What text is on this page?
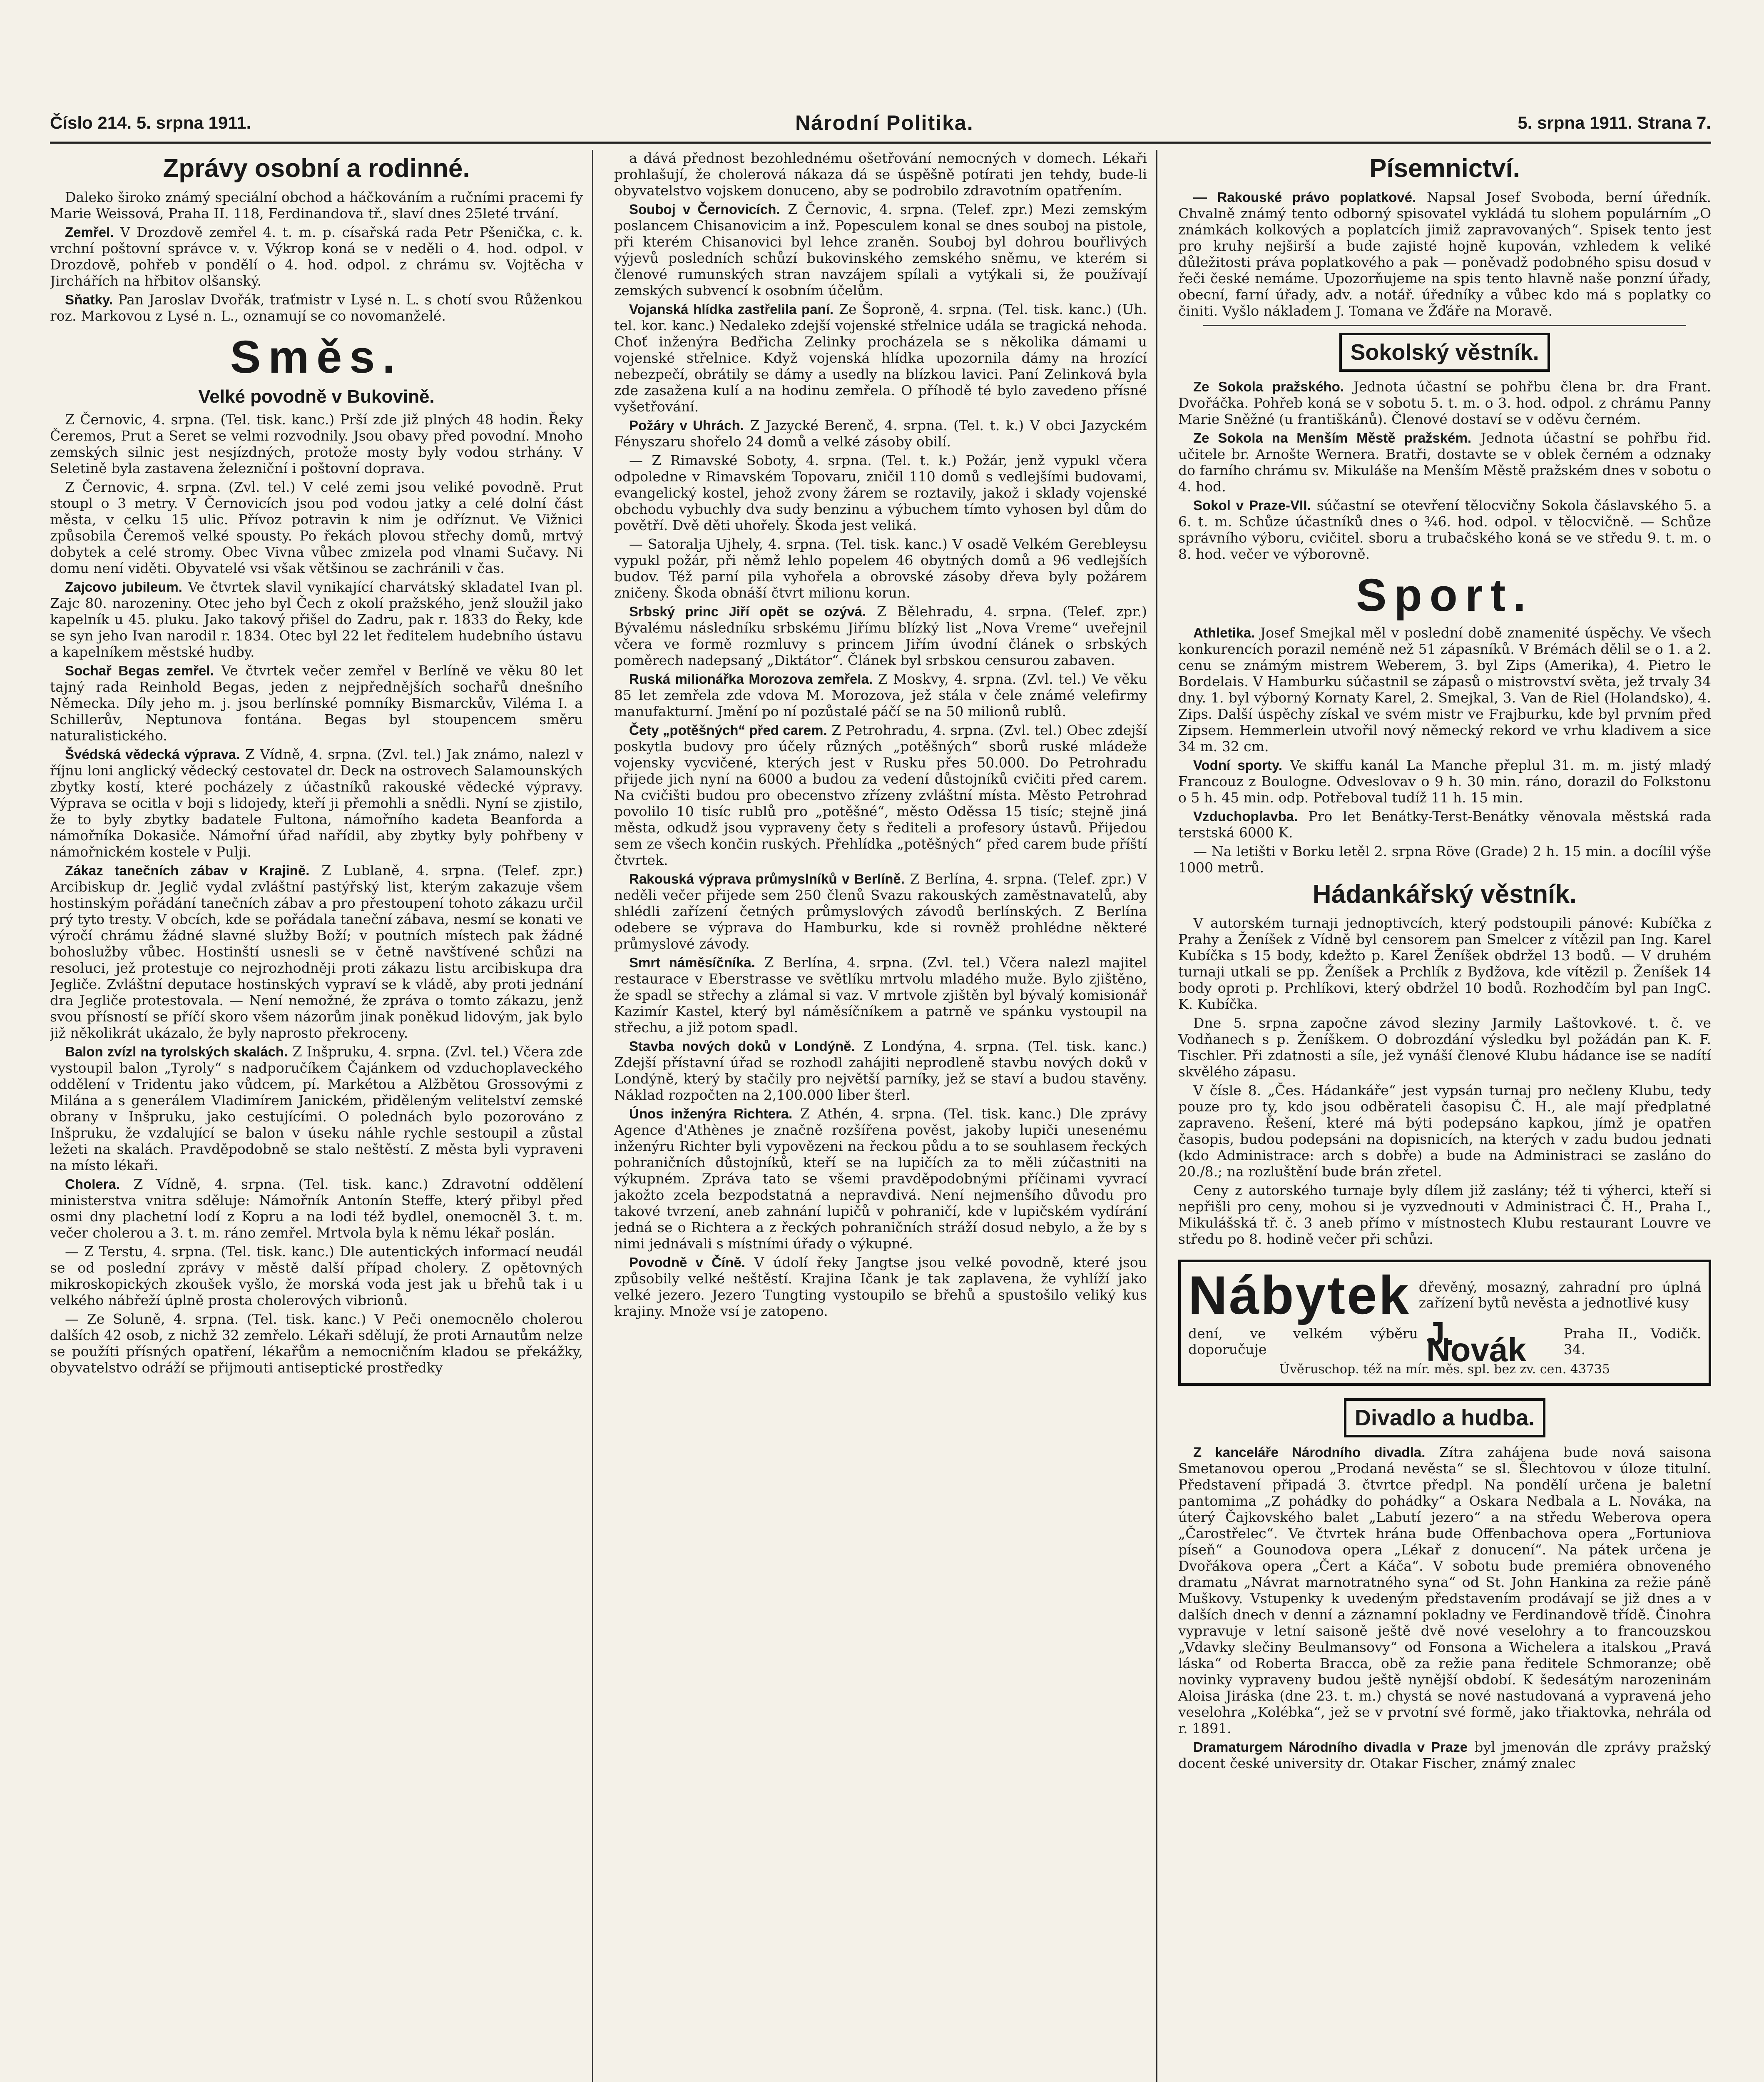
Číslo 214. 5. srpna 1911.	Národní Politika.	5. srpna 1911. Strana 7.
Zprávy osobní a rodinné.

Daleko široko známý speciální obchod a háčkováním a ručními pracemi fy Marie Weissová, Praha II. 118, Ferdinandova tř., slaví dnes 25leté trvání.

Zemřel. V Drozdově zemřel 4. t. m. p. císařská rada Petr Pšenička, c. k. vrchní poštovní správce v. v. Výkrop koná se v neděli o 4. hod. odpol. v Drozdově, pohřeb v pondělí o 4. hod. odpol. z chrámu sv. Vojtěcha v Jirchářích na hřbitov olšanský.

Sňatky. Pan Jaroslav Dvořák, traťmistr v Lysé n. L. s chotí svou Růženkou roz. Markovou z Lysé n. L., oznamují se co novomanželé.

Směs.
Velké povodně v Bukovině.

Z Černovic, 4. srpna. (Tel. tisk. kanc.) Prší zde již plných 48 hodin. Řeky Čeremos, Prut a Seret se velmi rozvodnily. Jsou obavy před povodní. Mnoho zemských silnic jest nesjízdných, protože mosty byly vodou strhány. V Seletině byla zastavena železniční i poštovní doprava.

Z Černovic, 4. srpna. (Zvl. tel.) V celé zemi jsou veliké povodně. Prut stoupl o 3 metry. V Černovicích jsou pod vodou jatky a celé dolní část města, v celku 15 ulic. Přívoz potravin k nim je odříznut. Ve Vižnici způsobila Čeremoš velké spousty. Po řekách plovou střechy domů, mrtvý dobytek a celé stromy. Obec Vivna vůbec zmizela pod vlnami Sučavy. Ni domu není viděti. Obyvatelé vsi však většinou se zachránili v čas.

Zajcovo jubileum. Ve čtvrtek slavil vynikající charvátský skladatel Ivan pl. Zajc 80. narozeniny. Otec jeho byl Čech z okolí pražského, jenž sloužil jako kapelník u 45. pluku. Jako takový přišel do Zadru, pak r. 1833 do Řeky, kde se syn jeho Ivan narodil r. 1834. Otec byl 22 let ředitelem hudebního ústavu a kapelníkem městské hudby.

Sochař Begas zemřel. Ve čtvrtek večer zemřel v Berlíně ve věku 80 let tajný rada Reinhold Begas, jeden z nejpřednějších sochařů dnešního Německa. Díly jeho m. j. jsou berlínské pomníky Bismarckův, Viléma I. a Schillerův, Neptunova fontána. Begas byl stoupencem směru naturalistického.

Švédská vědecká výprava. Z Vídně, 4. srpna. (Zvl. tel.) Jak známo, nalezl v říjnu loni anglický vědecký cestovatel dr. Deck na ostrovech Salamounských zbytky kostí, které pocházely z účastníků rakouské vědecké výpravy. Výprava se ocitla v boji s lidojedy, kteří ji přemohli a snědli. Nyní se zjistilo, že to byly zbytky badatele Fultona, námořního kadeta Beanforda a námořníka Dokasiče. Námořní úřad nařídil, aby zbytky byly pohřbeny v námořnickém kostele v Pulji.

Zákaz tanečních zábav v Krajině. Z Lublaně, 4. srpna. (Telef. zpr.) Arcibiskup dr. Jeglič vydal zvláštní pastýřský list, kterým zakazuje všem hostinským pořádání tanečních zábav a pro přestoupení tohoto zákazu určil prý tyto tresty. V obcích, kde se pořádala taneční zábava, nesmí se konati ve výročí chrámu žádné slavné služby Boží; v poutních místech pak žádné bohoslužby vůbec. Hostinští usnesli se v četně navštívené schůzi na resoluci, jež protestuje co nejrozhodněji proti zákazu listu arcibiskupa dra Jegliče. Zvláštní deputace hostinských vypraví se k vládě, aby proti jednání dra Jegliče protestovala. — Není nemožné, že zpráva o tomto zákazu, jenž svou přísností se příčí skoro všem názorům jinak poněkud lidovým, jak bylo již několikrát ukázalo, že byly naprosto překroceny.

Balon zvízl na tyrolských skalách. Z Inšpruku, 4. srpna. (Zvl. tel.) Včera zde vystoupil balon „Tyroly“ s nadporučíkem Čajánkem od vzduchoplaveckého oddělení v Tridentu jako vůdcem, pí. Markétou a Alžbětou Grossovými z Milána a s generálem Vladimírem Janickém, přiděleným velitelství zemské obrany v Inšpruku, jako cestujícími. O polednách bylo pozorováno z Inšpruku, že vzdalující se balon v úseku náhle rychle sestoupil a zůstal ležeti na skalách. Pravděpodobně se stalo neštěstí. Z města byli vypraveni na místo lékaři.

Cholera. Z Vídně, 4. srpna. (Tel. tisk. kanc.) Zdravotní oddělení ministerstva vnitra sděluje: Námořník Antonín Steffe, který přibyl před osmi dny plachetní lodí z Kopru a na lodi též bydlel, onemocněl 3. t. m. večer cholerou a 3. t. m. ráno zemřel. Mrtvola byla k němu lékař poslán.

— Z Terstu, 4. srpna. (Tel. tisk. kanc.) Dle autentických informací neudál se od poslední zprávy v městě další případ cholery. Z opětovných mikroskopických zkoušek vyšlo, že morská voda jest jak u břehů tak i u velkého nábřeží úplně prosta cholerových vibrionů.

— Ze Soluně, 4. srpna. (Tel. tisk. kanc.) V Peči onemocnělo cholerou dalších 42 osob, z nichž 32 zemřelo. Lékaři sdělují, že proti Arnautům nelze se použíti přísných opatření, lékařům a nemocničním kladou se překážky, obyvatelstvo odráží se přijmouti antiseptické prostředky

a dává přednost bezohlednému ošetřování nemocných v domech. Lékaři prohlašují, že cholerová nákaza dá se úspěšně potírati jen tehdy, bude-li obyvatelstvo vojskem donuceno, aby se podrobilo zdravotním opatřením.

Souboj v Černovicích. Z Černovic, 4. srpna. (Telef. zpr.) Mezi zemským poslancem Chisanovicim a inž. Popesculem konal se dnes souboj na pistole, při kterém Chisanovici byl lehce zraněn. Souboj byl dohrou bouřlivých výjevů posledních schůzí bukovinského zemského sněmu, ve kterém si členové rumunských stran navzájem spílali a vytýkali si, že používají zemských subvencí k osobním účelům.

Vojanská hlídka zastřelila paní. Ze Šoproně, 4. srpna. (Tel. tisk. kanc.) (Uh. tel. kor. kanc.) Nedaleko zdejší vojenské střelnice udála se tragická nehoda. Choť inženýra Bedřicha Zelinky procházela se s několika dámami u vojenské střelnice. Když vojenská hlídka upozornila dámy na hrozící nebezpečí, obrátily se dámy a usedly na blízkou lavici. Paní Zelinková byla zde zasažena kulí a na hodinu zemřela. O příhodě té bylo zavedeno přísné vyšetřování.

Požáry v Uhrách. Z Jazycké Berenč, 4. srpna. (Tel. t. k.) V obci Jazyckém Fényszaru shořelo 24 domů a velké zásoby obilí.

— Z Rimavské Soboty, 4. srpna. (Tel. t. k.) Požár, jenž vypukl včera odpoledne v Rimavském Topovaru, zničil 110 domů s vedlejšími budovami, evangelický kostel, jehož zvony žárem se roztavily, jakož i sklady vojenské obchodu vybuchly dva sudy benzinu a výbuchem tímto vyhosen byl dům do povětří. Dvě děti uhořely. Škoda jest veliká.

— Satoralja Ujhely, 4. srpna. (Tel. tisk. kanc.) V osadě Velkém Gerebleysu vypukl požár, při němž lehlo popelem 46 obytných domů a 96 vedlejších budov. Též parní pila vyhořela a obrovské zásoby dřeva byly požárem zničeny. Škoda obnáší čtvrt milionu korun.

Srbský princ Jiří opět se ozývá. Z Bělehradu, 4. srpna. (Telef. zpr.) Bývalému následníku srbskému Jiřímu blízký list „Nova Vreme“ uveřejnil včera ve formě rozmluvy s princem Jiřím úvodní článek o srbských poměrech nadepsaný „Diktátor“. Článek byl srbskou censurou zabaven.

Ruská milionářka Morozova zemřela. Z Moskvy, 4. srpna. (Zvl. tel.) Ve věku 85 let zemřela zde vdova M. Morozova, jež stála v čele známé velefirmy manufakturní. Jmění po ní pozůstalé páčí se na 50 milionů rublů.

Čety „potěšných“ před carem. Z Petrohradu, 4. srpna. (Zvl. tel.) Obec zdejší poskytla budovy pro účely různých „potěšných“ sborů ruské mládeže vojensky vycvičené, kterých jest v Rusku přes 50.000. Do Petrohradu přijede jich nyní na 6000 a budou za vedení důstojníků cvičiti před carem. Na cvičišti budou pro obecenstvo zřízeny zvláštní místa. Město Petrohrad povolilo 10 tisíc rublů pro „potěšné“, město Oděssa 15 tisíc; stejně jiná města, odkudž jsou vypraveny čety s řediteli a profesory ústavů. Přijedou sem ze všech končin ruských. Přehlídka „potěšných“ před carem bude příští čtvrtek.

Rakouská výprava průmyslníků v Berlíně. Z Berlína, 4. srpna. (Telef. zpr.) V neděli večer přijede sem 250 členů Svazu rakouských zaměstnavatelů, aby shlédli zařízení četných průmyslových závodů berlínských. Z Berlína odebere se výprava do Hamburku, kde si rovněž prohlédne některé průmyslové závody.

Smrt náměsíčníka. Z Berlína, 4. srpna. (Zvl. tel.) Včera nalezl majitel restaurace v Eberstrasse ve světlíku mrtvolu mladého muže. Bylo zjištěno, že spadl se střechy a zlámal si vaz. V mrtvole zjištěn byl bývalý komisionář Kazimír Kastel, který byl náměsíčníkem a patrně ve spánku vystoupil na střechu, a již potom spadl.

Stavba nových doků v Londýně. Z Londýna, 4. srpna. (Tel. tisk. kanc.) Zdejší přístavní úřad se rozhodl zahájiti neprodleně stavbu nových doků v Londýně, který by stačily pro největší parníky, jež se staví a budou stavěny. Náklad rozpočten na 2,100.000 liber šterl.

Únos inženýra Richtera. Z Athén, 4. srpna. (Tel. tisk. kanc.) Dle zprávy Agence d'Athènes je značně rozšířena pověst, jakoby lupiči unesenému inženýru Richter byli vypovězeni na řeckou půdu a to se souhlasem řeckých pohraničních důstojníků, kteří se na lupičích za to měli zúčastniti na výkupném. Zpráva tato se všemi pravděpodobnými příčinami vyvrací jakožto zcela bezpodstatná a nepravdivá. Není nejmenšího důvodu pro takové tvrzení, aneb zahnání lupičů v pohraničí, kde v lupičském vydírání jedná se o Richtera a z řeckých pohraničních stráží dosud nebylo, a že by s nimi jednávali s místními úřady o výkupné.

Povodně v Číně. V údolí řeky Jangtse jsou velké povodně, které jsou způsobily velké neštěstí. Krajina Ičank je tak zaplavena, že vyhlíží jako velké jezero. Jezero Tungting vystoupilo se břehů a spustošilo veliký kus krajiny. Množe vsí je zatopeno.

Písemnictví.

— Rakouské právo poplatkové. Napsal Josef Svoboda, berní úředník. Chvalně známý tento odborný spisovatel vykládá tu slohem populárním „O známkách kolkových a poplatcích jimiž zapravovaných“. Spisek tento jest pro kruhy nejširší a bude zajisté hojně kupován, vzhledem k veliké důležitosti práva poplatkového a pak — poněvadž podobného spisu dosud v řeči české nemáme. Upozorňujeme na spis tento hlavně naše ponzní úřady, obecní, farní úřady, adv. a notář. úředníky a vůbec kdo má s poplatky co činiti. Vyšlo nákladem J. Tomana ve Žďáře na Moravě.

Sokolský věstník.

Ze Sokola pražského. Jednota účastní se pohřbu člena br. dra Frant. Dvořáčka. Pohřeb koná se v sobotu 5. t. m. o 3. hod. odpol. z chrámu Panny Marie Sněžné (u františkánů). Členové dostaví se v oděvu černém.

Ze Sokola na Menším Městě pražském. Jednota účastní se pohřbu řid. učitele br. Arnošte Wernera. Bratři, dostavte se v oblek černém a odznaky do farního chrámu sv. Mikuláše na Menším Městě pražském dnes v sobotu o 4. hod.

Sokol v Praze-VII. súčastní se otevření tělocvičny Sokola čáslavského 5. a 6. t. m. Schůze účastníků dnes o ¾6. hod. odpol. v tělocvičně. — Schůze správního výboru, cvičitel. sboru a trubačského koná se ve středu 9. t. m. o 8. hod. večer ve výborovně.

Sport.

Athletika. Josef Smejkal měl v poslední době znamenité úspěchy. Ve všech konkurencích porazil neméně než 51 zápasníků. V Brémách dělil se o 1. a 2. cenu se známým mistrem Weberem, 3. byl Zips (Amerika), 4. Pietro le Bordelais. V Hamburku súčastnil se zápasů o mistrovství světa, jež trvaly 34 dny. 1. byl výborný Kornaty Karel, 2. Smejkal, 3. Van de Riel (Holandsko), 4. Zips. Další úspěchy získal ve svém mistr ve Frajburku, kde byl prvním před Zipsem. Hemmerlein utvořil nový německý rekord ve vrhu kladivem a sice 34 m. 32 cm.

Vodní sporty. Ve skiffu kanál La Manche přeplul 31. m. m. jistý mladý Francouz z Boulogne. Odveslovav o 9 h. 30 min. ráno, dorazil do Folkstonu o 5 h. 45 min. odp. Potřeboval tudíž 11 h. 15 min.

Vzduchoplavba. Pro let Benátky-Terst-Benátky věnovala městská rada terstská 6000 K.

— Na letišti v Borku letěl 2. srpna Röve (Grade) 2 h. 15 min. a docílil výše 1000 metrů.

Hádankářský věstník.

V autorském turnaji jednoptivcích, který podstoupili pánové: Kubíčka z Prahy a Ženíšek z Vídně byl censorem pan Smelcer z vítězil pan Ing. Karel Kubíčka s 15 body, kdežto p. Karel Ženíšek obdržel 13 bodů. — V druhém turnaji utkali se pp. Ženíšek a Prchlík z Bydžova, kde vítězil p. Ženíšek 14 body oproti p. Prchlíkovi, který obdržel 10 bodů. Rozhodčím byl pan IngC. K. Kubíčka.

Dne 5. srpna započne závod sleziny Jarmily Laštovkové. t. č. ve Vodňanech s p. Ženíškem. O dobrozdání výsledku byl požádán pan K. F. Tischler. Při zdatnosti a síle, jež vynáší členové Klubu hádance ise se nadítí skvělého zápasu.

V čísle 8. „Čes. Hádankáře“ jest vypsán turnaj pro nečleny Klubu, tedy pouze pro ty, kdo jsou odběrateli časopisu Č. H., ale mají předplatné zapraveno. Řešení, které má býti podepsáno kapkou, jímž je opatřen časopis, budou podepsáni na dopisnicích, na kterých v zadu budou jednati (kdo Administrace: arch s dobře) a bude na Administraci se zasláno do 20./8.; na rozluštění bude brán zřetel.

Ceny z autorského turnaje byly dílem již zaslány; též ti výherci, kteří si nepřišli pro ceny, mohou si je vyzvednouti v Administraci Č. H., Praha I., Mikulášská tř. č. 3 aneb přímo v místnostech Klubu restaurant Louvre ve středu po 8. hodině večer při schůzi.

Nábytek dřevěný, mosazný, zahradní pro úplná zařízení bytů nevěsta a jednotlivé kusy
dení, ve velkém výběru doporučuje	J. Novák	Praha II., Vodičk. 34.
Úvěruschop. též na mír. měs. spl. bez zv. cen. 43735
Divadlo a hudba.

Z kanceláře Národního divadla. Zítra zahájena bude nová saisona Smetanovou operou „Prodaná nevěsta“ se sl. Šlechtovou v úloze titulní. Představení připadá 3. čtvrtce předpl. Na pondělí určena je baletní pantomima „Z pohádky do pohádky“ a Oskara Nedbala a L. Nováka, na úterý Čajkovského balet „Labutí jezero“ a na středu Weberova opera „Čarostřelec“. Ve čtvrtek hrána bude Offenbachova opera „Fortuniova píseň“ a Gounodova opera „Lékař z donucení“. Na pátek určena je Dvořákova opera „Čert a Káča“. V sobotu bude premiéra obnoveného dramatu „Návrat marnotratného syna“ od St. John Hankina za režie páně Muškovy. Vstupenky k uvedeným představením prodávají se již dnes a v dalších dnech v denní a záznamní pokladny ve Ferdinandově třídě. Činohra vypravuje v letní saisoně ještě dvě nové veselohry a to francouzskou „Vdavky slečiny Beulmansovy“ od Fonsona a Wichelera a italskou „Pravá láska“ od Roberta Bracca, obě za režie pana ředitele Schmoranze; obě novinky vypraveny budou ještě nynější období. K šedesátým narozeninám Aloisa Jiráska (dne 23. t. m.) chystá se nové nastudovaná a vypravená jeho veselohra „Kolébka“, jež se v prvotní své formě, jako třiaktovka, nehrála od r. 1891.

Dramaturgem Národního divadla v Praze byl jmenován dle zprávy pražský docent české university dr. Otakar Fischer, známý znalec
